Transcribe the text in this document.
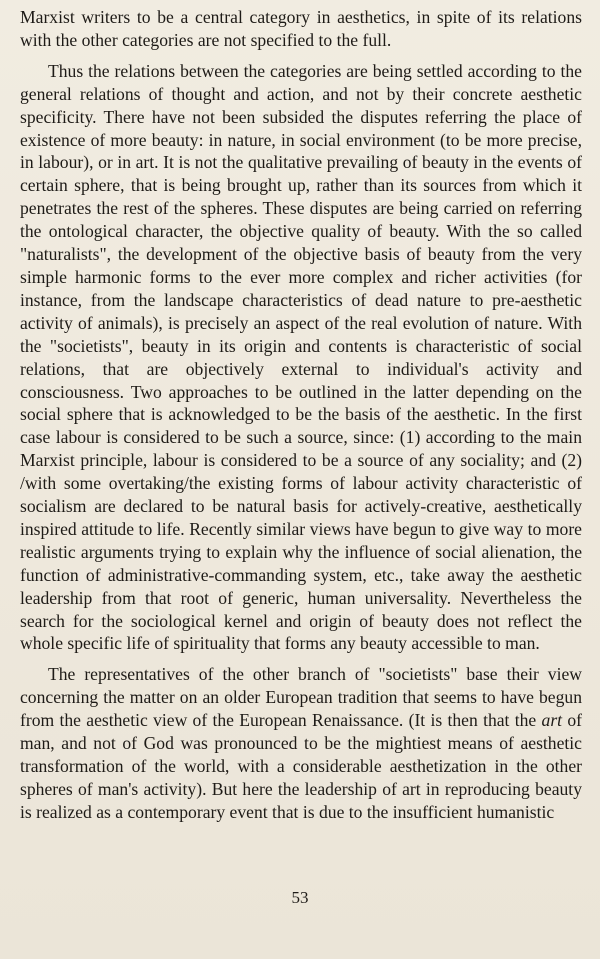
Marxist writers to be a central category in aesthetics, in spite of its relations with the other categories are not specified to the full.

Thus the relations between the categories are being settled according to the general relations of thought and action, and not by their concrete aesthetic specificity. There have not been subsided the disputes referring the place of existence of more beauty: in nature, in social environment (to be more precise, in labour), or in art. It is not the qualitative prevailing of beauty in the events of certain sphere, that is being brought up, rather than its sources from which it penetrates the rest of the spheres. These disputes are being carried on referring the ontological character, the objective quality of beauty. With the so called "naturalists", the development of the objective basis of beauty from the very simple harmonic forms to the ever more complex and richer activities (for instance, from the landscape characteristics of dead nature to pre-aesthetic activity of animals), is precisely an aspect of the real evolution of nature. With the "societists", beauty in its origin and contents is characteristic of social relations, that are objectively external to individual's activity and consciousness. Two approaches to be outlined in the latter depending on the social sphere that is acknowledged to be the basis of the aesthetic. In the first case labour is considered to be such a source, since: (1) according to the main Marxist principle, labour is considered to be a source of any sociality; and (2) /with some overtaking/the existing forms of labour activity characteristic of socialism are declared to be natural basis for actively-creative, aesthetically inspired attitude to life. Recently similar views have begun to give way to more realistic arguments trying to explain why the influence of social alienation, the function of administrative-commanding system, etc., take away the aesthetic leadership from that root of generic, human universality. Nevertheless the search for the sociological kernel and origin of beauty does not reflect the whole specific life of spirituality that forms any beauty accessible to man.

The representatives of the other branch of "societists" base their view concerning the matter on an older European tradition that seems to have begun from the aesthetic view of the European Renaissance. (It is then that the art of man, and not of God was pronounced to be the mightiest means of aesthetic transformation of the world, with a considerable aesthetization in the other spheres of man's activity). But here the leadership of art in reproducing beauty is realized as a contemporary event that is due to the insufficient humanistic

53
